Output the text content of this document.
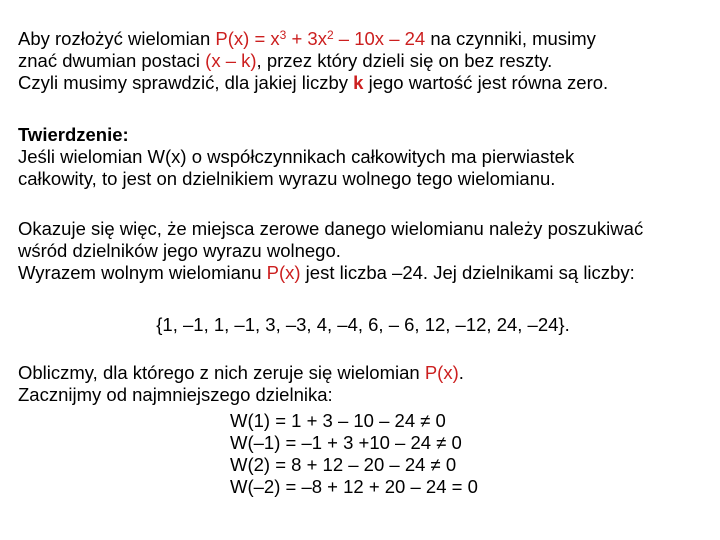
Aby rozłożyć wielomian $P(x) = x^3 + 3x^2 - 10x - 24$ na czynniki, musimy
znać dwumian postaci (x – k), przez który dzieli się on bez reszty.
Czyli musimy sprawdzić, dla jakiej liczby k jego wartość jest równa zero.
Twierdzenie:
Jeśli wielomian W(x) o współczynnikach całkowitych ma pierwiastek
całkowity, to jest on dzielnikiem wyrazu wolnego tego wielomianu.
Okazuje się więc, że miejsca zerowe danego wielomianu należy poszukiwać
wśród dzielników jego wyrazu wolnego.
Wyrazem wolnym wielomianu P(x) jest liczba –24. Jej dzielnikami są liczby:
{1, –1, 1, –1, 3, –3, 4, –4, 6, – 6, 12, –12, 24, –24}.
Obliczmy, dla którego z nich zeruje się wielomian P(x).
Zacznijmy od najmniejszego dzielnika:
W(1) = 1 + 3 – 10 – 24 ≠ 0
W(–1) = –1 + 3 +10 – 24 ≠ 0
W(2) = 8 + 12 – 20 – 24 ≠ 0
W(–2) = –8 + 12 + 20 – 24 = 0
